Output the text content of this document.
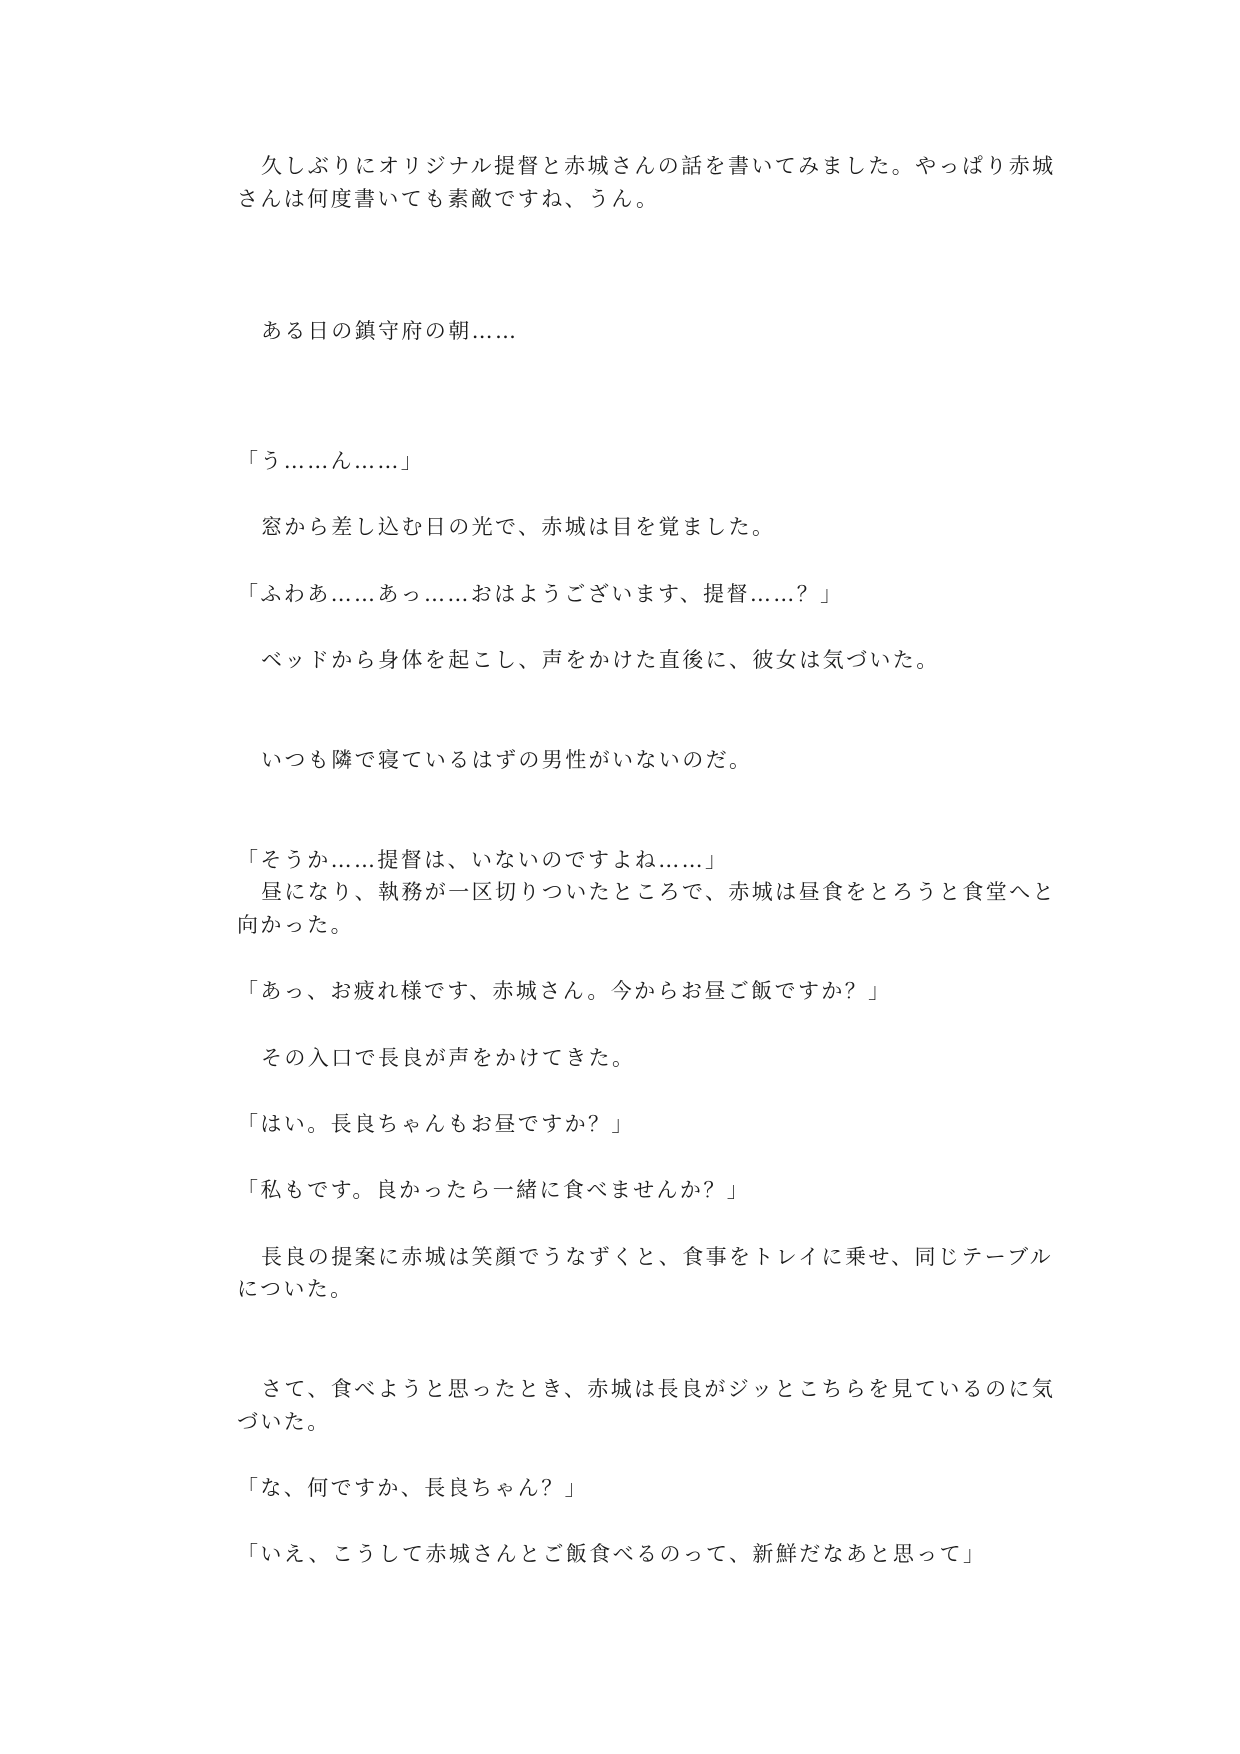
久しぶりにオリジナル提督と赤城さんの話を書いてみました。やっぱり赤城

さんは何度書いても素敵ですね、うん。

ある日の鎮守府の朝……

「う……ん……」

窓から差し込む日の光で、赤城は目を覚ました。

「ふわあ……あっ……おはようございます、提督……？」

ベッドから身体を起こし、声をかけた直後に、彼女は気づいた。

いつも隣で寝ているはずの男性がいないのだ。

「そうか……提督は、いないのですよね……」

昼になり、執務が一区切りついたところで、赤城は昼食をとろうと食堂へと

向かった。

「あっ、お疲れ様です、赤城さん。今からお昼ご飯ですか？」

その入口で長良が声をかけてきた。

「はい。長良ちゃんもお昼ですか？」

「私もです。良かったら一緒に食べませんか？」

長良の提案に赤城は笑顔でうなずくと、食事をトレイに乗せ、同じテーブル

についた。

さて、食べようと思ったとき、赤城は長良がジッとこちらを見ているのに気

づいた。

「な、何ですか、長良ちゃん？」

「いえ、こうして赤城さんとご飯食べるのって、新鮮だなあと思って」
